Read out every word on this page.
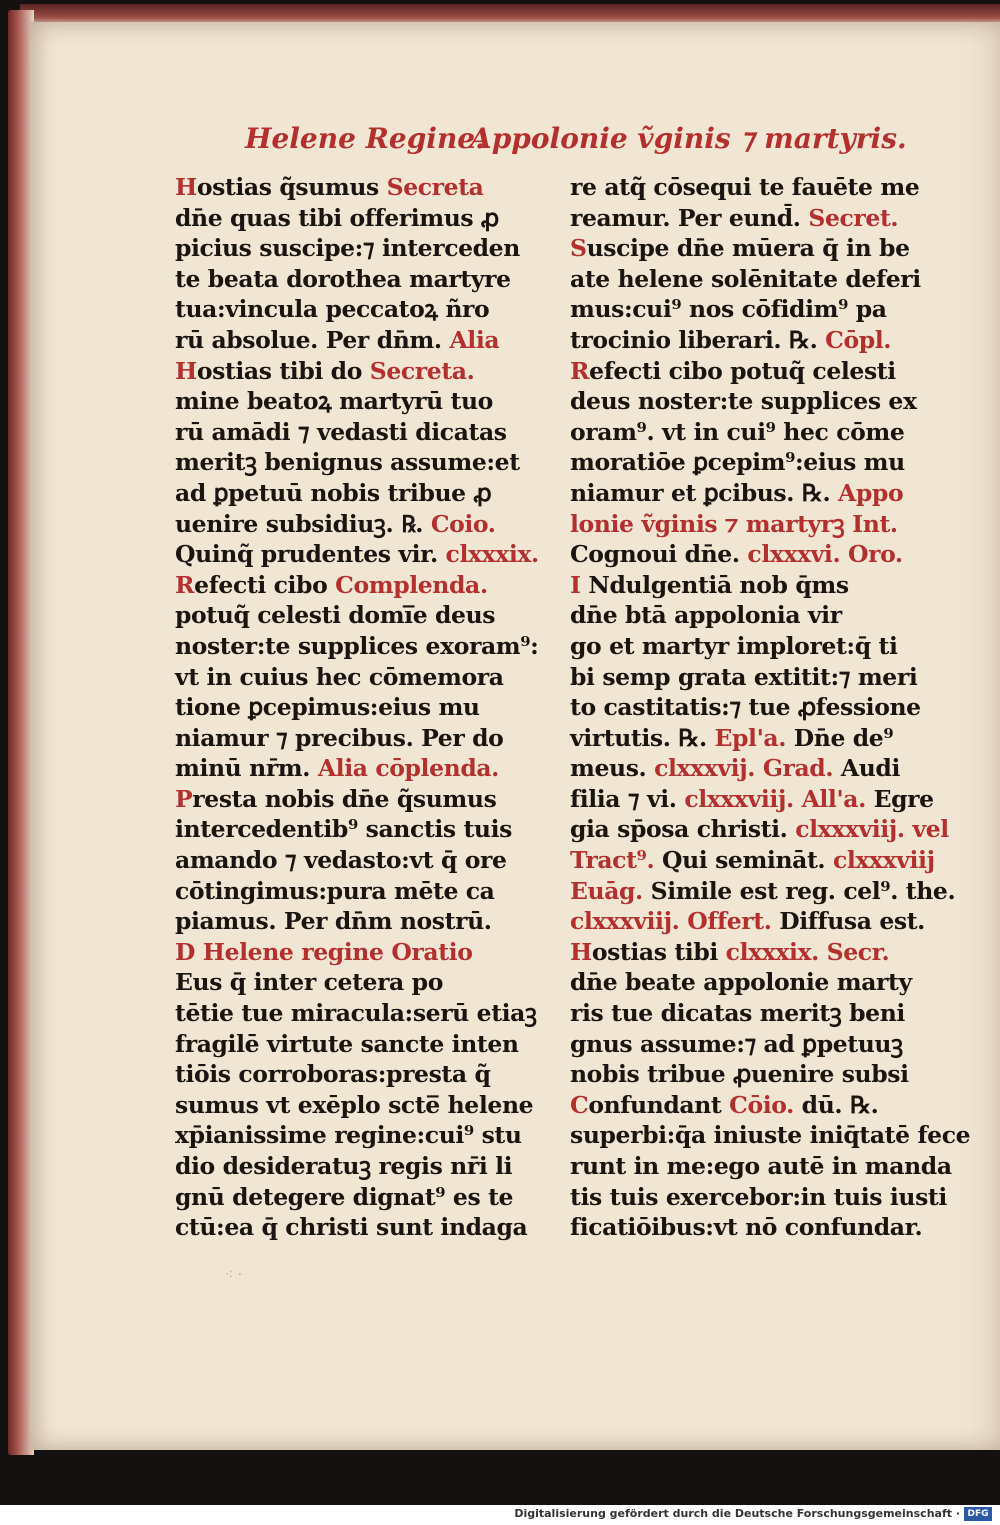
Helene Regine.
Appolonie ṽginis ⁊ martyris.
Hostias q̃sumus Secreta
dn̄e quas tibi offerimus ꝓ
picius suscipe:⁊ interceden
te beata dorothea martyre
tua:vincula peccatoꝝ ñro
rū absolue. Per dn̄m. Alia
Hostias tibi do Secreta.
mine beatoꝝ martyrū tuo
rū amādi ⁊ vedasti dicatas
meritꝫ benignus assume:et
ad ꝑpetuū nobis tribue ꝓ
uenire subsidiuꝫ. ℞. Coio.
Quinq̃ prudentes vir. clxxxix.
Refecti cibo Complenda.
potuq̃ celesti domi̅e deus
noster:te supplices exoram⁹:
vt in cuius hec cōmemora
tione ꝑcepimus:eius mu
niamur ⁊ precibus. Per do
minū nr̄m. Alia cōplenda.
Presta nobis dn̄e q̃sumus
intercedentib⁹ sanctis tuis
amando ⁊ vedasto:vt q̄ ore
cōtingimus:pura mēte ca
piamus. Per dn̄m nostrū.
D Helene regine Oratio
Eus q̄ inter cetera po
tētie tue miracula:serū etiaꝫ
fragilē virtute sancte inten
tiōis corroboras:presta q̃
sumus vt exēplo scte̅ helene
xp̄ianissime regine:cui⁹ stu
dio desideratuꝫ regis nr̄i li
gnū detegere dignat⁹ es te
ctū:ea q̄ christi sunt indaga
re atq̃ cōsequi te fauēte me
reamur. Per eund̄. Secret.
Suscipe dn̄e mūera q̄ in be
ate helene solēnitate deferi
mus:cui⁹ nos cōfidim⁹ pa
trocinio liberari. ℞. Cōpl.
Refecti cibo potuq̃ celesti
deus noster:te supplices ex
oram⁹. vt in cui⁹ hec cōme
moratiōe ꝑcepim⁹:eius mu
niamur et ꝑcibus. ℞. Appo
lonie ṽginis ⁊ martyrꝫ Int.
Cognoui dn̄e. clxxxvi. Oro.
I Ndulgentiā nob q̄ms
dn̄e btā appolonia vir
go et martyr imploret:q̄ ti
bi semp grata extitit:⁊ meri
to castitatis:⁊ tue ꝓfessione
virtutis. ℞. Epl'a. Dn̄e de⁹
meus. clxxxvij. Grad. Audi
filia ⁊ vi. clxxxviij. All'a. Egre
gia sp̄osa christi. clxxxviij. vel
Tract⁹. Qui semināt. clxxxviij
Euāg. Simile est reg. cel⁹. the.
clxxxviij. Offert. Diffusa est.
Hostias tibi clxxxix. Secr.
dn̄e beate appolonie marty
ris tue dicatas meritꝫ beni
gnus assume:⁊ ad ꝑpetuuꝫ
nobis tribue ꝓuenire subsi
Confundant Cōio. dū. ℞.
superbi:q̄a iniuste iniq̄tatē fece
runt in me:ego autē in manda
tis tuis exercebor:in tuis iusti
ficatiōibus:vt nō confundar.
⁖ ·
Digitalisierung gefördert durch die Deutsche Forschungsgemeinschaft · DFG
